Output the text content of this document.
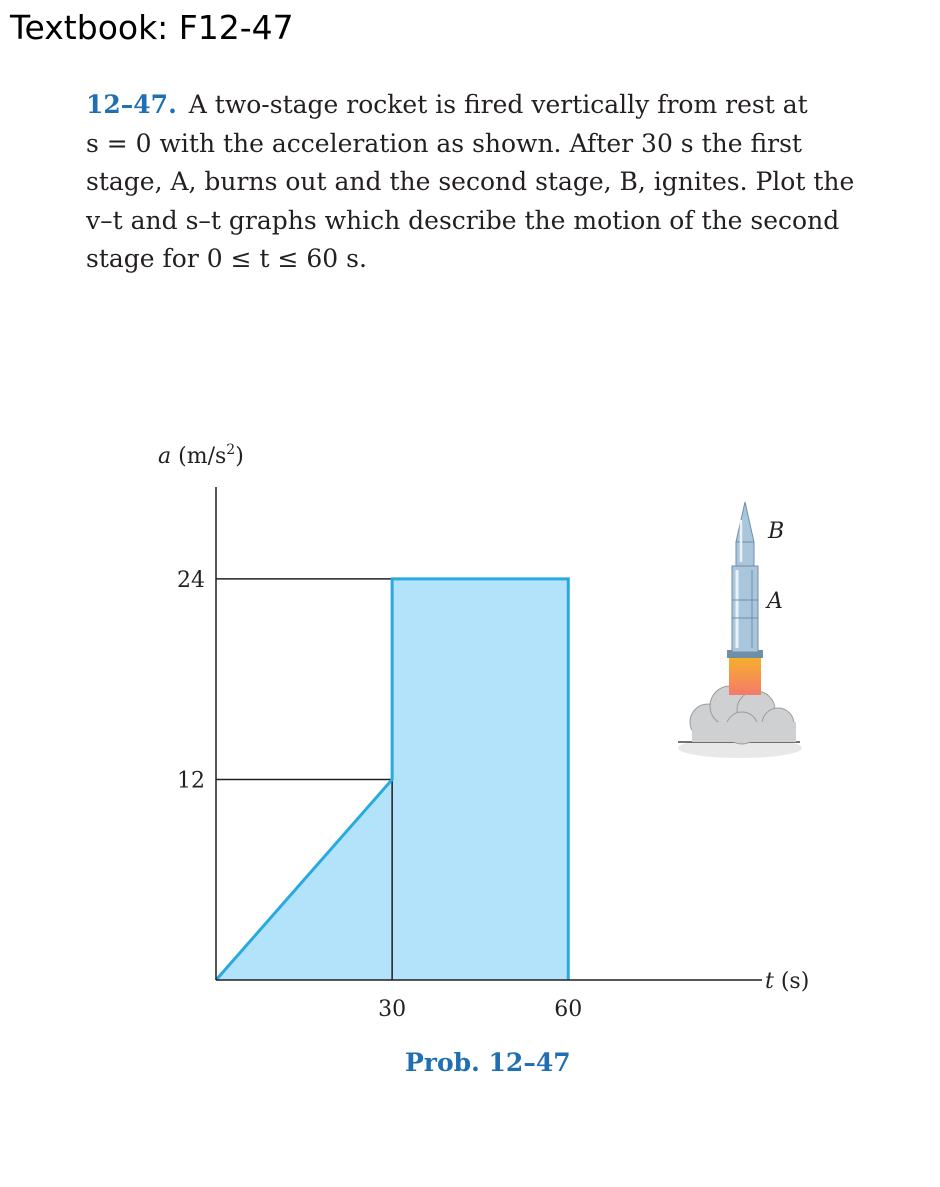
Textbook: F12-47
12–47. A two-stage rocket is fired vertically from rest at
s = 0 with the acceleration as shown. After 30 s the first
stage, A, burns out and the second stage, B, ignites. Plot the
v–t and s–t graphs which describe the motion of the second
stage for 0 ≤ t ≤ 60 s.
a $(m/s^2)$
t (s)
12
24
30	60
B
A
Prob. 12–47
